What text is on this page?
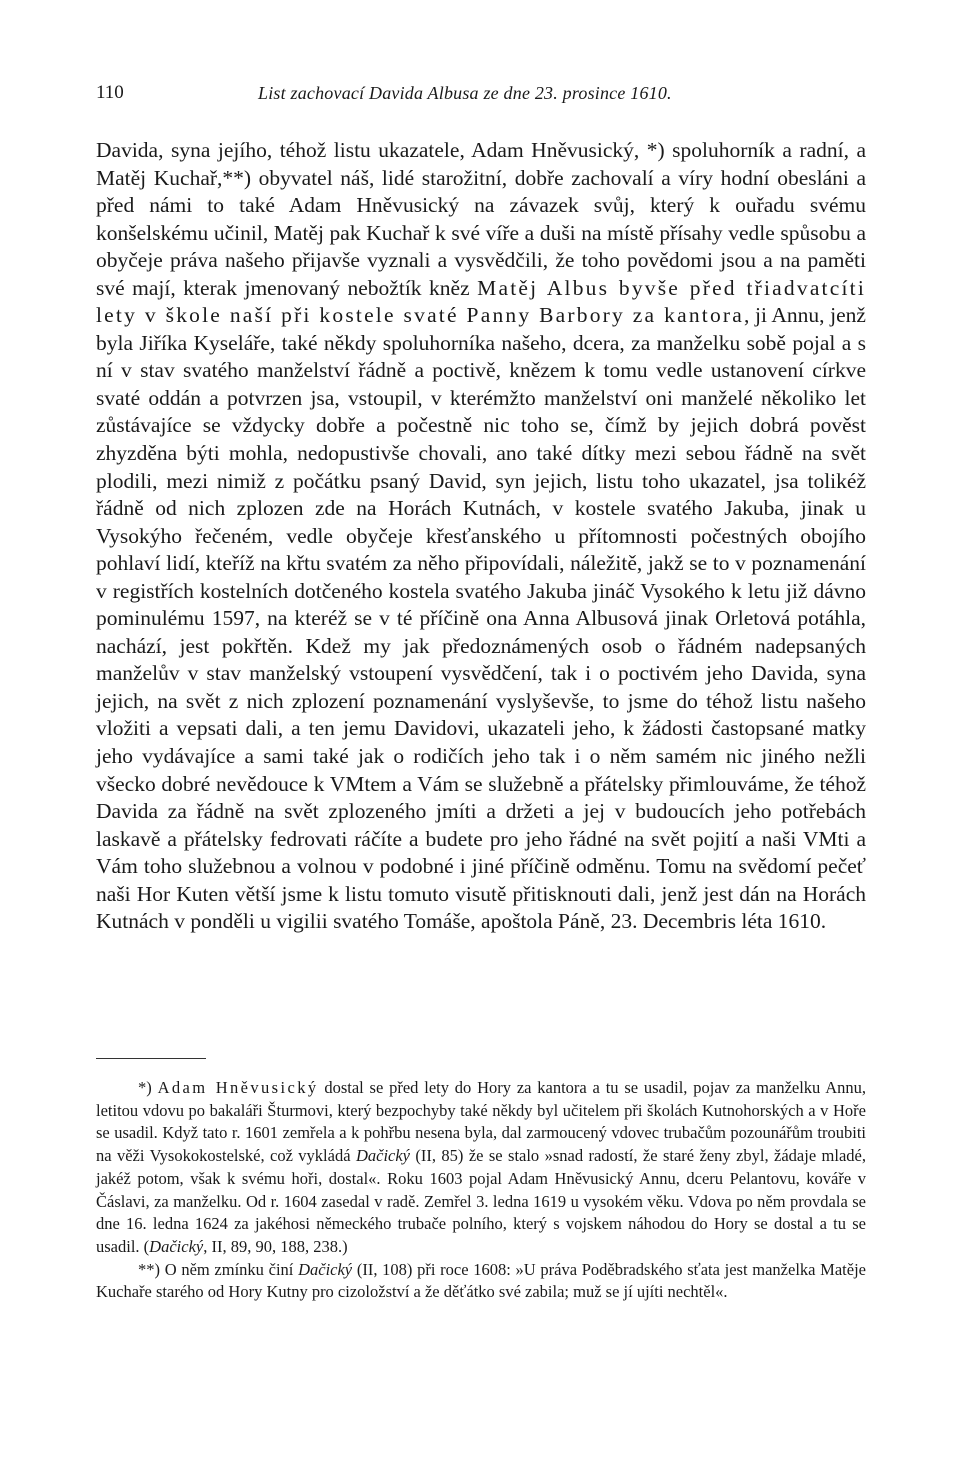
110	List zachovací Davida Albusa ze dne 23. prosince 1610.

Davida, syna jejího, téhož listu ukazatele, Adam Hněvusický, *) spoluhorník a radní, a Matěj Kuchař,**) obyvatel náš, lidé starožitní, dobře zachovalí a víry hodní obesláni a před námi to také Adam Hněvusický na závazek svůj, který k ouřadu svému konšelskému učinil, Matěj pak Kuchař k své víře a duši na místě přísahy vedle spůsobu a obyčeje práva našeho přijavše vyznali a vysvědčili, že toho povědomi jsou a na paměti své mají, kterak jmenovaný nebožtík kněz Matěj Albus byvše před třiadvatcíti lety v škole naší při kostele svaté Panny Barbory za kantora, ji Annu, jenž byla Jiříka Kyseláře, také někdy spoluhorníka našeho, dcera, za manželku sobě pojal a s ní v stav svatého manželství řádně a poctivě, knězem k tomu vedle ustanovení církve svaté oddán a potvrzen jsa, vstoupil, v kterémžto manželství oni manželé několiko let zůstávajíce se vždycky dobře a počestně nic toho se, čímž by jejich dobrá pověst zhyzděna býti mohla, nedopustivše chovali, ano také dítky mezi sebou řádně na svět plodili, mezi nimiž z počátku psaný David, syn jejich, listu toho ukazatel, jsa tolikéž řádně od nich zplozen zde na Horách Kutnách, v kostele svatého Jakuba, jinak u Vysokýho řečeném, vedle obyčeje křesťanského u přítomnosti počestných obojího pohlaví lidí, kteříž na křtu svatém za něho připovídali, náležitě, jakž se to v poznamenání v registřích kostelních dotčeného kostela svatého Jakuba jináč Vysokého k letu již dávno pominulému 1597, na kteréž se v té příčině ona Anna Albusová jinak Orletová potáhla, nachází, jest pokřtěn. Kdež my jak předoznámených osob o řádném nadepsaných manželův v stav manželský vstoupení vysvědčení, tak i o poctivém jeho Davida, syna jejich, na svět z nich zplození poznamenání vyslyševše, to jsme do téhož listu našeho vložiti a vepsati dali, a ten jemu Davidovi, ukazateli jeho, k žádosti častopsané matky jeho vydávajíce a sami také jak o rodičích jeho tak i o něm samém nic jiného nežli všecko dobré nevědouce k VMtem a Vám se služebně a přátelsky přimlouváme, že téhož Davida za řádně na svět zplozeného jmíti a držeti a jej v budoucích jeho potřebách laskavě a přátelsky fedrovati ráčíte a budete pro jeho řádné na svět pojití a naši VMti a Vám toho služebnou a volnou v podobné i jiné příčině odměnu. Tomu na svědomí pečeť naši Hor Kuten větší jsme k listu tomuto visutě přitisknouti dali, jenž jest dán na Horách Kutnách v ponděli u vigilii svatého Tomáše, apoštola Páně, 23. Decembris léta 1610.

*) Adam Hněvusický dostal se před lety do Hory za kantora a tu se usadil, pojav za manželku Annu, letitou vdovu po bakaláři Šturmovi, který bezpochyby také někdy byl učitelem při školách Kutnohorských a v Hoře se usadil. Když tato r. 1601 zemřela a k pohřbu nesena byla, dal zarmoucený vdovec trubačům pozounářům troubiti na věži Vysokokostelské, což vykládá Dačický (II, 85) že se stalo »snad radostí, že staré ženy zbyl, žádaje mladé, jakéž potom, však k svému hoři, dostal«. Roku 1603 pojal Adam Hněvusický Annu, dceru Pelantovu, kováře v Čáslavi, za manželku. Od r. 1604 zasedal v radě. Zemřel 3. ledna 1619 u vysokém věku. Vdova po něm provdala se dne 16. ledna 1624 za jakéhosi německého trubače polního, který s vojskem náhodou do Hory se dostal a tu se usadil. (Dačický, II, 89, 90, 188, 238.)

**) O něm zmínku činí Dačický (II, 108) při roce 1608: »U práva Poděbradského sťata jest manželka Matěje Kuchaře starého od Hory Kutny pro cizoložství a že děťátko své zabila; muž se jí ujíti nechtěl«.
